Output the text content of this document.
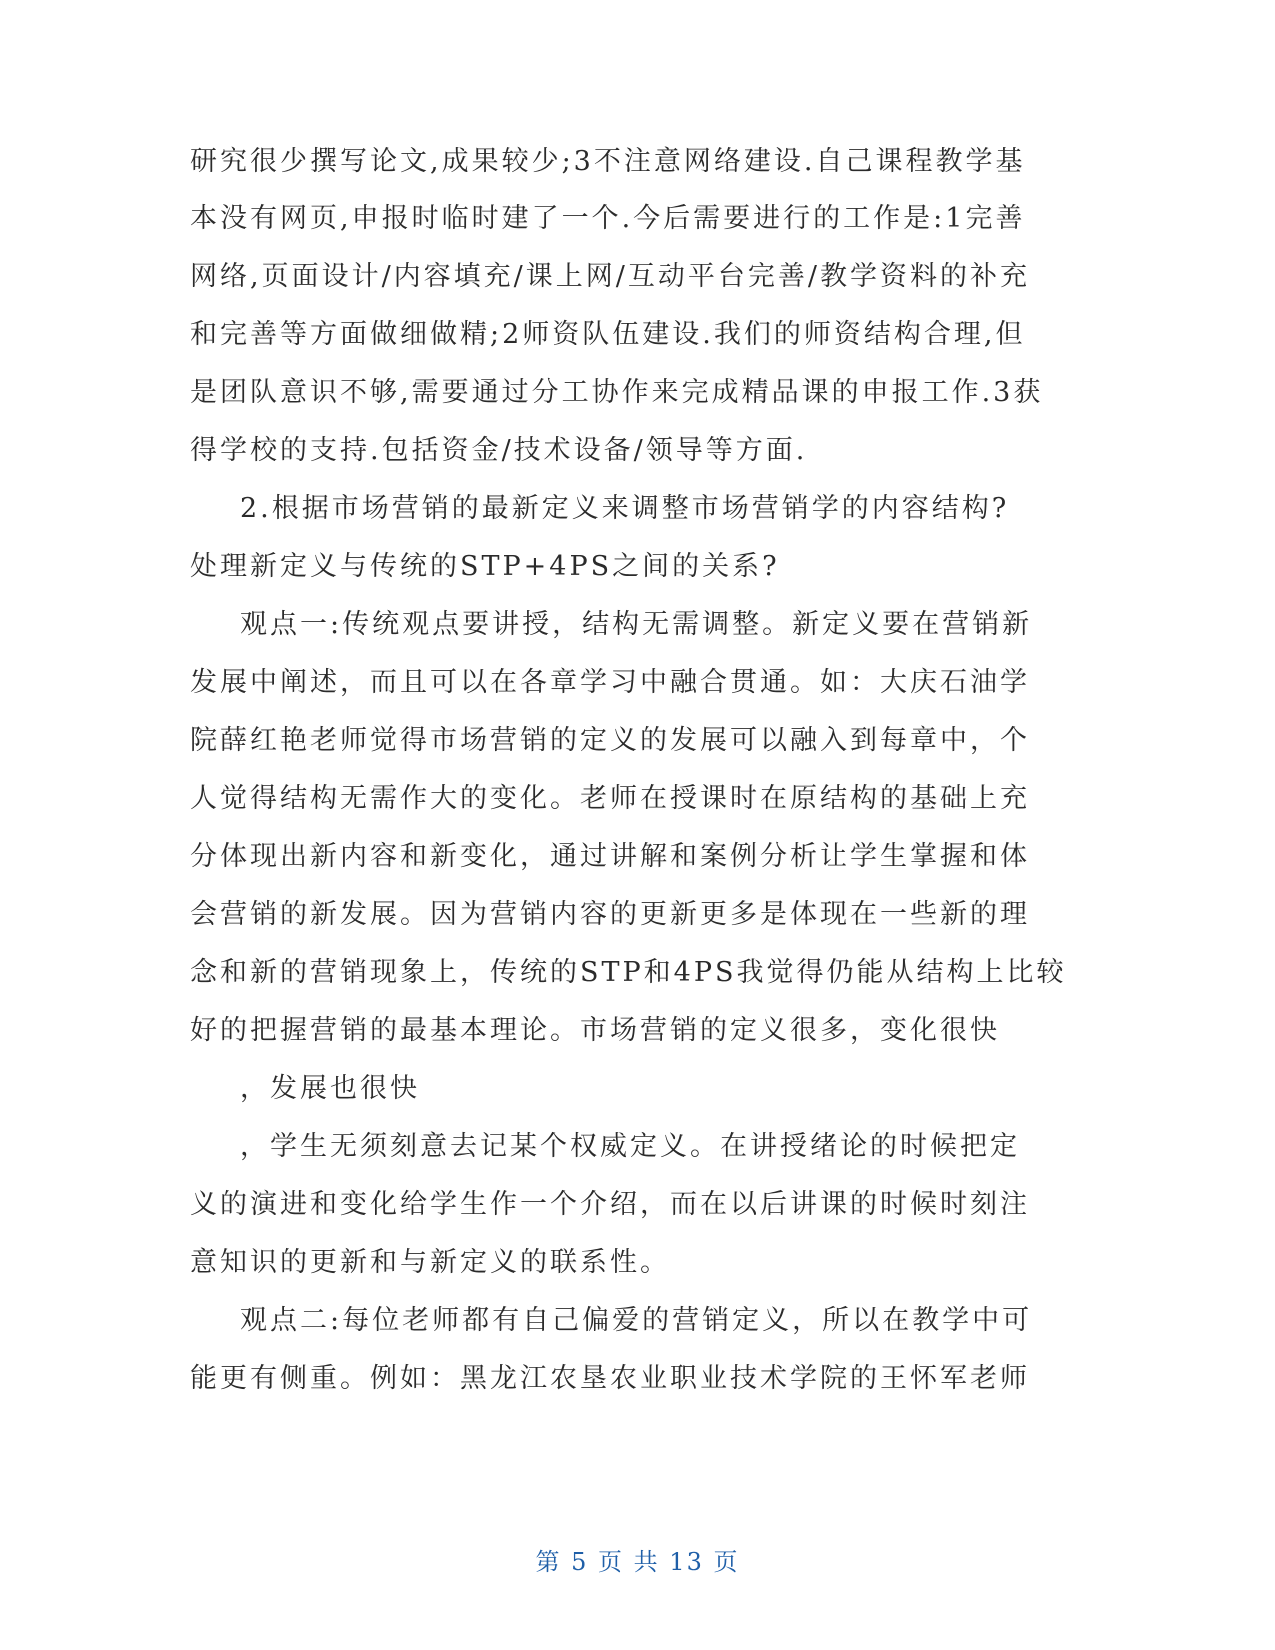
研究很少撰写论文,成果较少;3不注意网络建设.自己课程教学基
本没有网页,申报时临时建了一个.今后需要进行的工作是:1完善
网络,页面设计/内容填充/课上网/互动平台完善/教学资料的补充
和完善等方面做细做精;2师资队伍建设.我们的师资结构合理,但
是团队意识不够,需要通过分工协作来完成精品课的申报工作.3获
得学校的支持.包括资金/技术设备/领导等方面.
2.根据市场营销的最新定义来调整市场营销学的内容结构?
处理新定义与传统的STP+4PS之间的关系?
观点一:传统观点要讲授，结构无需调整。新定义要在营销新
发展中阐述，而且可以在各章学习中融合贯通。如：大庆石油学
院薛红艳老师觉得市场营销的定义的发展可以融入到每章中，个
人觉得结构无需作大的变化。老师在授课时在原结构的基础上充
分体现出新内容和新变化，通过讲解和案例分析让学生掌握和体
会营销的新发展。因为营销内容的更新更多是体现在一些新的理
念和新的营销现象上，传统的STP和4PS我觉得仍能从结构上比较
好的把握营销的最基本理论。市场营销的定义很多，变化很快
，发展也很快
，学生无须刻意去记某个权威定义。在讲授绪论的时候把定
义的演进和变化给学生作一个介绍，而在以后讲课的时候时刻注
意知识的更新和与新定义的联系性。
观点二:每位老师都有自己偏爱的营销定义，所以在教学中可
能更有侧重。例如：黑龙江农垦农业职业技术学院的王怀军老师
第 5 页 共 13 页
